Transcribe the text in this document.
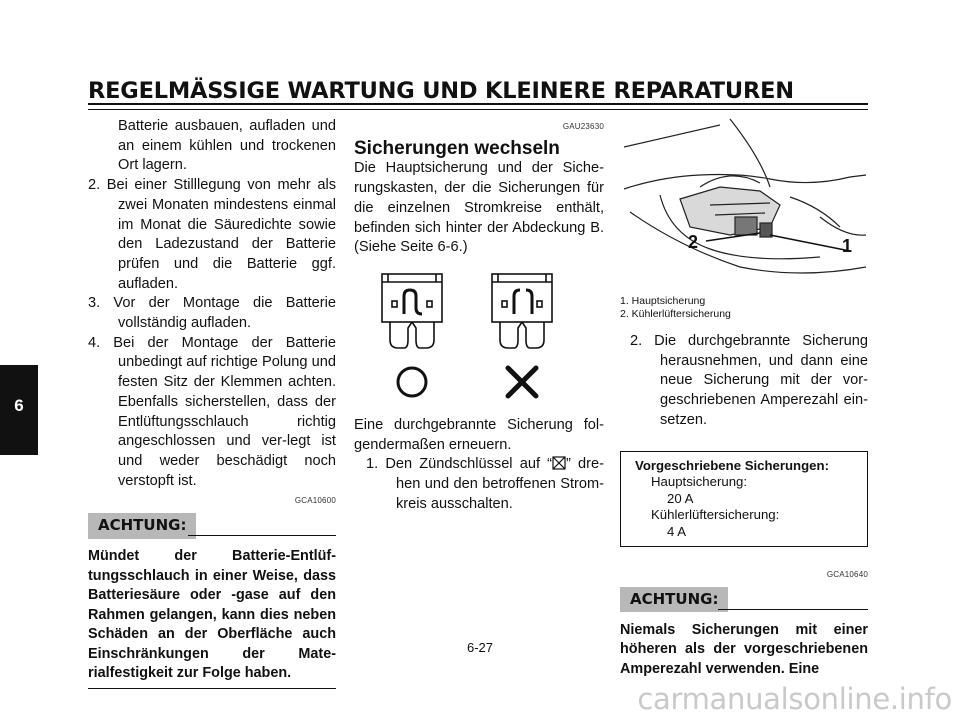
REGELMÄSSIGE WARTUNG UND KLEINERE REPARATUREN
6
Batterie ausbauen, aufladen und an einem kühlen und trockenen Ort lagern.
2. Bei einer Stilllegung von mehr als zwei Monaten mindestens einmal im Monat die Säuredichte sowie den Ladezustand der Batterie prüfen und die Batterie ggf. aufladen.
3. Vor der Montage die Batterie vollständig aufladen.
4. Bei der Montage der Batterie unbedingt auf richtige Polung und festen Sitz der Klemmen achten. Ebenfalls sicherstellen, dass der Entlüftungsschlauch richtig angeschlossen und ver-legt ist und weder beschädigt noch verstopft ist.
GCA10600
ACHTUNG:
Mündet der Batterie-Entlüf-tungsschlauch in einer Weise, dass Batteriesäure oder -gase auf den Rahmen gelangen, kann dies neben Schäden an der Oberfläche auch Einschränkungen der Mate-rialfestigkeit zur Folge haben.
GAU23630
Sicherungen wechseln
Die Hauptsicherung und der Siche-rungskasten, der die Sicherungen für die einzelnen Stromkreise enthält, befinden sich hinter der Abdeckung B. (Siehe Seite 6-6.)
Eine durchgebrannte Sicherung fol-gendermaßen erneuern.
1. Den Zündschlüssel auf “ ” dre-hen und den betroffenen Strom-kreis ausschalten.
1
2
1. Hauptsicherung
2. Kühlerlüftersicherung
2. Die durchgebrannte Sicherung herausnehmen, und dann eine neue Sicherung mit der vor-geschriebenen Amperezahl ein-setzen.
Vorgeschriebene Sicherungen:
Hauptsicherung:
20 A
Kühlerlüftersicherung:
4 A
GCA10640
ACHTUNG:
Niemals Sicherungen mit einer höheren als der vorgeschriebenen Amperezahl verwenden. Eine
6-27
carmanualsonline.info
